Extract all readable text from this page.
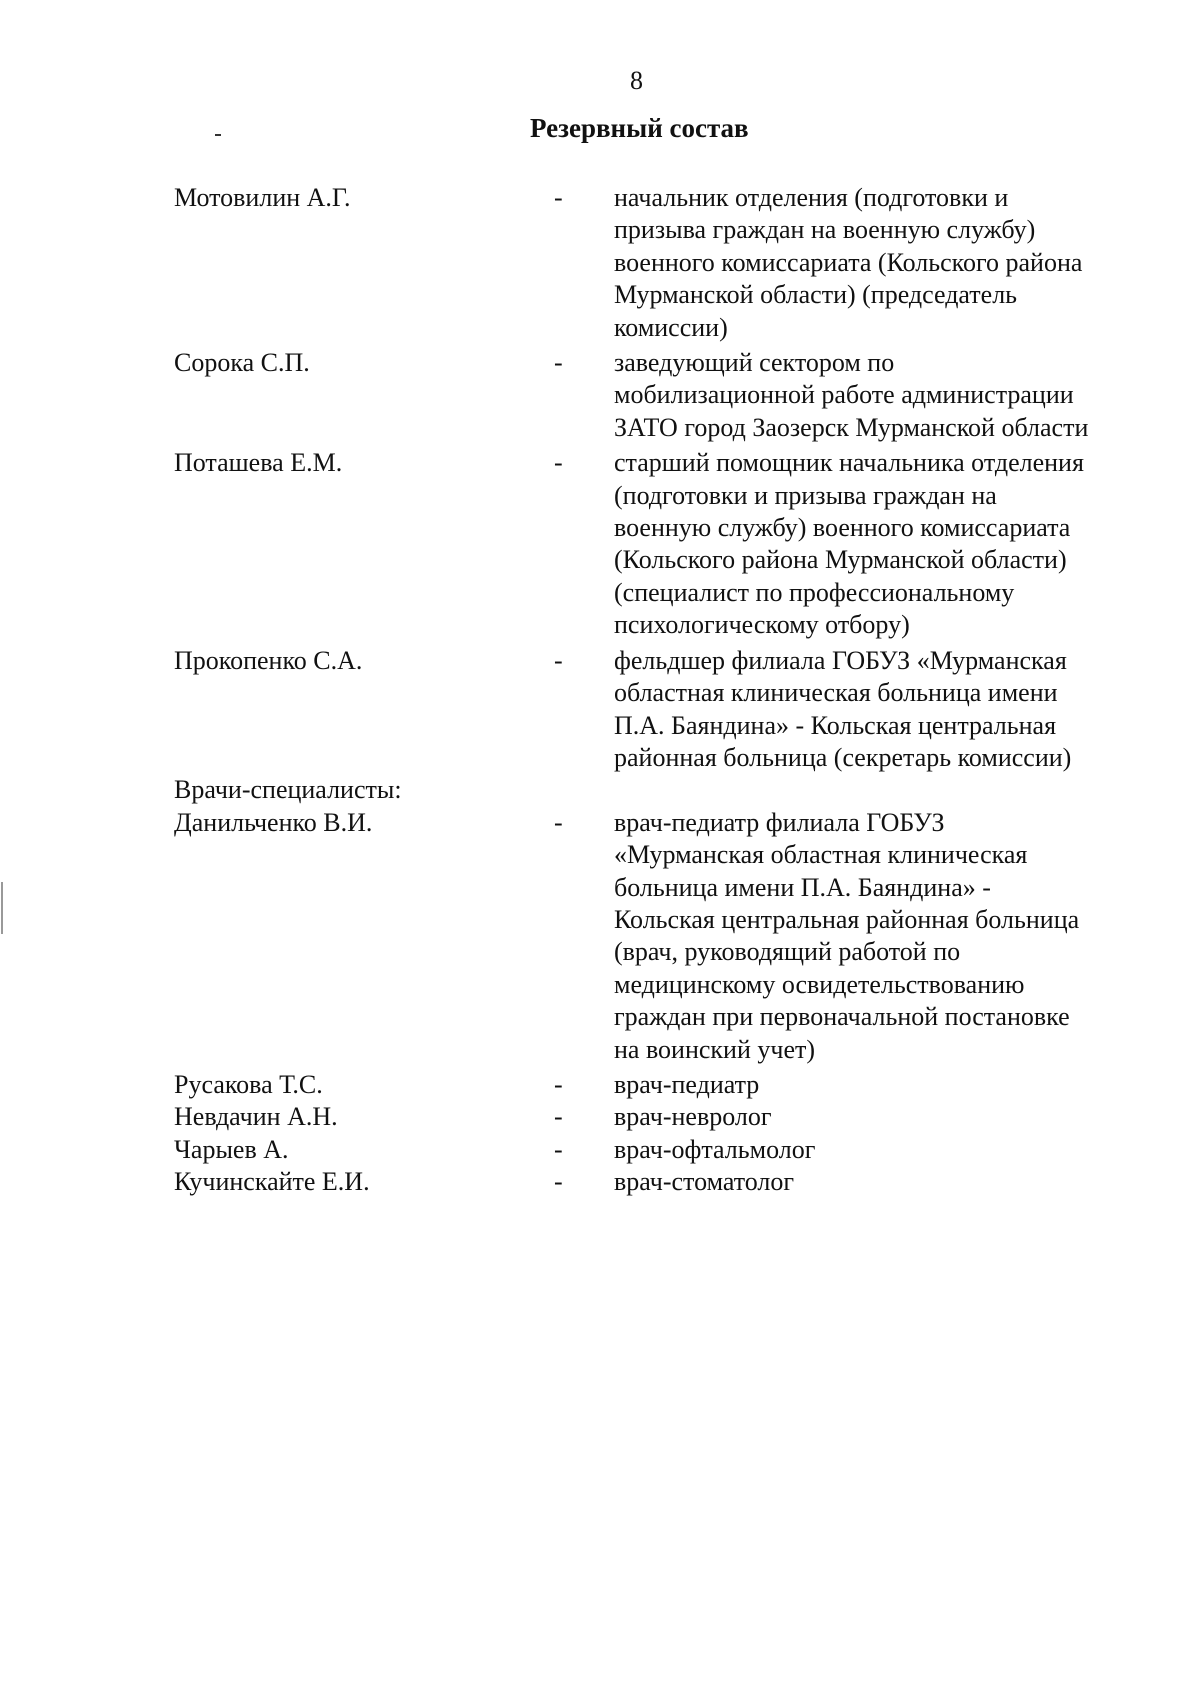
8
Резервный состав
Мотовилин А.Г.	- начальник отделения (подготовки и
призыва граждан на военную службу)
военного комиссариата (Кольского района
Мурманской области) (председатель
комиссии)
Сорока С.П.	- заведующий сектором по
мобилизационной работе администрации
ЗАТО город Заозерск Мурманской области
Поташева Е.М.	- старший помощник начальника отделения
(подготовки и призыва граждан на
военную службу) военного комиссариата
(Кольского района Мурманской области)
(специалист по профессиональному
психологическому отбору)
Прокопенко С.А.	- фельдшер филиала ГОБУЗ «Мурманская
областная клиническая больница имени
П.А. Баяндина» - Кольская центральная
районная больница (секретарь комиссии)
Врачи-специалисты:
Данильченко В.И.	- врач-педиатр филиала ГОБУЗ
«Мурманская областная клиническая
больница имени П.А. Баяндина» -
Кольская центральная районная больница
(врач, руководящий работой по
медицинскому освидетельствованию
граждан при первоначальной постановке
на воинский учет)
Русакова Т.С.	- врач-педиатр
Невдачин А.Н.	- врач-невролог
Чарыев А.	- врач-офтальмолог
Кучинскайте Е.И.	- врач-стоматолог
